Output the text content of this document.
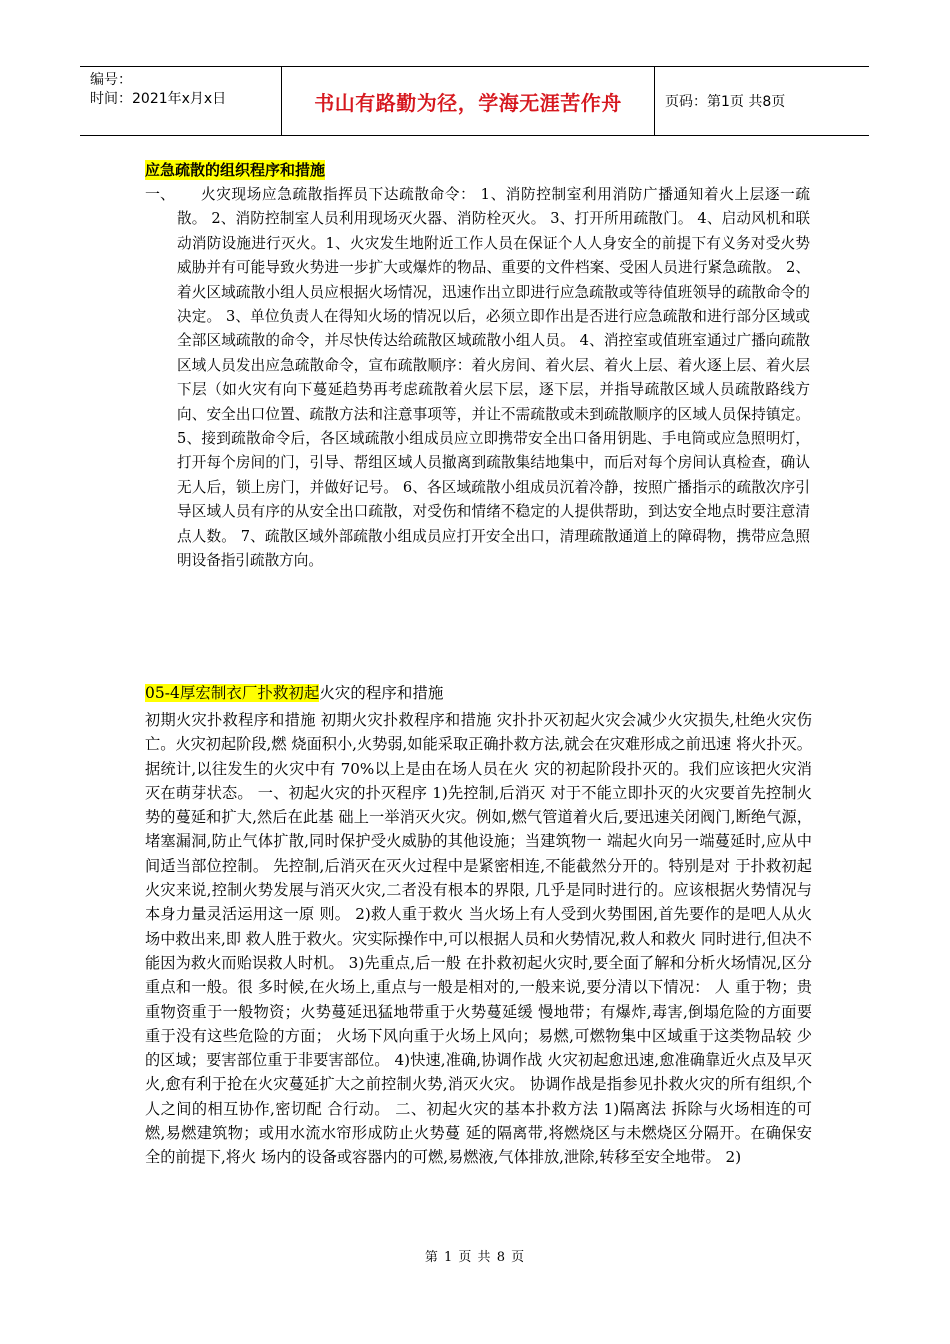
编号：
时间：2021年x月x日	书山有路勤为径，学海无涯苦作舟	页码：第1页 共8页
应急疏散的组织程序和措施
一、	火灾现场应急疏散指挥员下达疏散命令： 1、消防控制室利用消防广播通知着火上层逐一疏散。 2、消防控制室人员利用现场灭火器、消防栓灭火。 3、打开所用疏散门。 4、启动风机和联动消防设施进行灭火。1、火灾发生地附近工作人员在保证个人人身安全的前提下有义务对受火势威胁并有可能导致火势进一步扩大或爆炸的物品、重要的文件档案、受困人员进行紧急疏散。 2、着火区域疏散小组人员应根据火场情况，迅速作出立即进行应急疏散或等待值班领导的疏散命令的决定。 3、单位负责人在得知火场的情况以后，必须立即作出是否进行应急疏散和进行部分区域或全部区域疏散的命令，并尽快传达给疏散区域疏散小组人员。 4、消控室或值班室通过广播向疏散区域人员发出应急疏散命令，宣布疏散顺序：着火房间、着火层、着火上层、着火逐上层、着火层下层（如火灾有向下蔓延趋势再考虑疏散着火层下层，逐下层，并指导疏散区域人员疏散路线方向、安全出口位置、疏散方法和注意事项等，并让不需疏散或未到疏散顺序的区域人员保持镇定。 5、接到疏散命令后，各区域疏散小组成员应立即携带安全出口备用钥匙、手电筒或应急照明灯，打开每个房间的门，引导、帮组区域人员撤离到疏散集结地集中，而后对每个房间认真检查，确认无人后，锁上房门，并做好记号。 6、各区域疏散小组成员沉着冷静，按照广播指示的疏散次序引导区域人员有序的从安全出口疏散，对受伤和情绪不稳定的人提供帮助，到达安全地点时要注意清点人数。 7、疏散区域外部疏散小组成员应打开安全出口，清理疏散通道上的障碍物，携带应急照明设备指引疏散方向。
05-4厚宏制衣厂扑救初起火灾的程序和措施
初期火灾扑救程序和措施 初期火灾扑救程序和措施 灾扑扑灭初起火灾会减少火灾损失,杜绝火灾伤亡。火灾初起阶段,燃 烧面积小,火势弱,如能采取正确扑救方法,就会在灾难形成之前迅速 将火扑灭。据统计,以往发生的火灾中有 70%以上是由在场人员在火 灾的初起阶段扑灭的。我们应该把火灾消灭在萌芽状态。 一、初起火灾的扑灭程序 1)先控制,后消灭 对于不能立即扑灭的火灾要首先控制火势的蔓延和扩大,然后在此基 础上一举消灭火灾。例如,燃气管道着火后,要迅速关闭阀门,断绝气源，堵塞漏洞,防止气体扩散,同时保护受火威胁的其他设施；当建筑物一 端起火向另一端蔓延时,应从中间适当部位控制。 先控制,后消灭在灭火过程中是紧密相连,不能截然分开的。特别是对 于扑救初起火灾来说,控制火势发展与消灭火灾,二者没有根本的界限, 几乎是同时进行的。应该根据火势情况与本身力量灵活运用这一原 则。 2)救人重于救火 当火场上有人受到火势围困,首先要作的是吧人从火场中救出来,即 救人胜于救火。灾实际操作中,可以根据人员和火势情况,救人和救火 同时进行,但决不能因为救火而贻误救人时机。 3)先重点,后一般 在扑救初起火灾时,要全面了解和分析火场情况,区分重点和一般。很 多时候,在火场上,重点与一般是相对的,一般来说,要分清以下情况： 人 重于物；贵重物资重于一般物资；火势蔓延迅猛地带重于火势蔓延缓 慢地带；有爆炸,毒害,倒塌危险的方面要重于没有这些危险的方面； 火场下风向重于火场上风向；易燃,可燃物集中区域重于这类物品较 少的区域；要害部位重于非要害部位。 4)快速,准确,协调作战 火灾初起愈迅速,愈准确靠近火点及早灭火,愈有利于抢在火灾蔓延扩大之前控制火势,消灭火灾。 协调作战是指参见扑救火灾的所有组织,个人之间的相互协作,密切配 合行动。 二、初起火灾的基本扑救方法 1)隔离法 拆除与火场相连的可燃,易燃建筑物；或用水流水帘形成防止火势蔓 延的隔离带,将燃烧区与未燃烧区分隔开。在确保安全的前提下,将火 场内的设备或容器内的可燃,易燃液,气体排放,泄除,转移至安全地带。 2)
第 1 页 共 8 页
